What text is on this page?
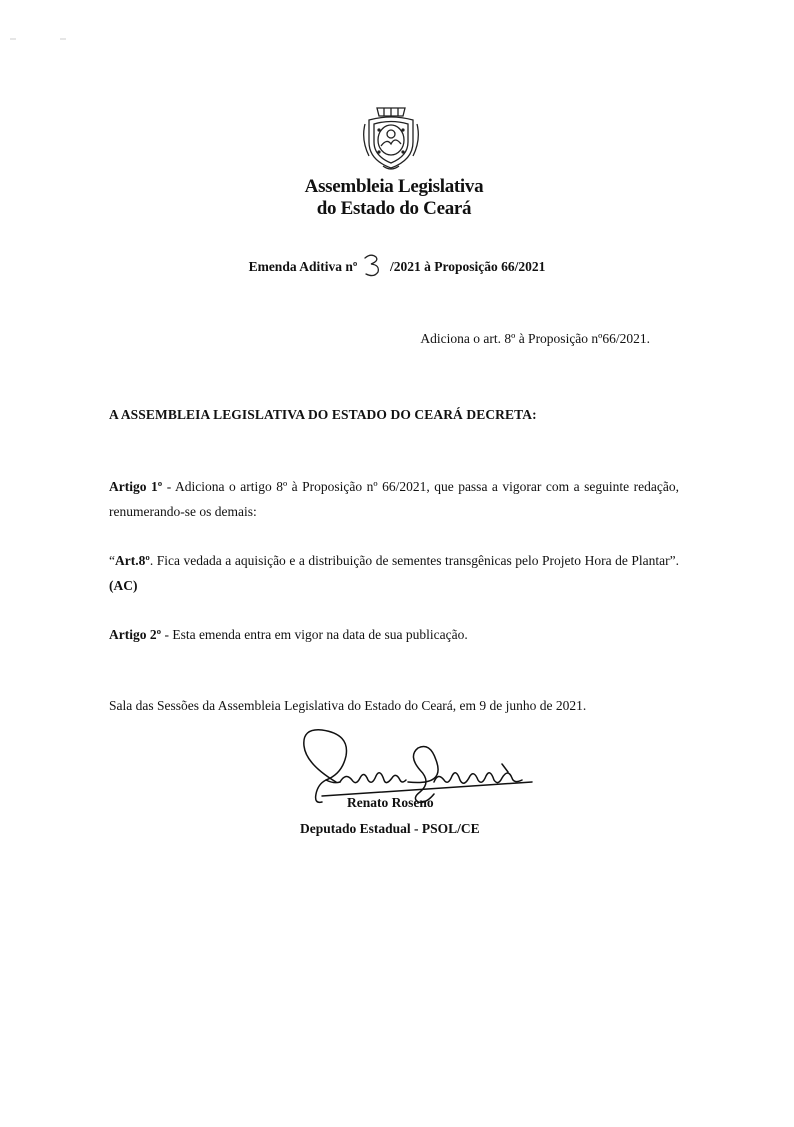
Assembleia Legislativa
do Estado do Ceará
Emenda Aditiva nº /2021 à Proposição 66/2021
Adiciona o art. 8º à Proposição nº66/2021.
A ASSEMBLEIA LEGISLATIVA DO ESTADO DO CEARÁ DECRETA:
Artigo 1º - Adiciona o artigo 8º à Proposição nº 66/2021, que passa a vigorar com a seguinte redação, renumerando-se os demais:
“Art.8º. Fica vedada a aquisição e a distribuição de sementes transgênicas pelo Projeto Hora de Plantar”. (AC)
Artigo 2º - Esta emenda entra em vigor na data de sua publicação.
Sala das Sessões da Assembleia Legislativa do Estado do Ceará, em 9 de junho de 2021.
Renato Roseno
Deputado Estadual - PSOL/CE
